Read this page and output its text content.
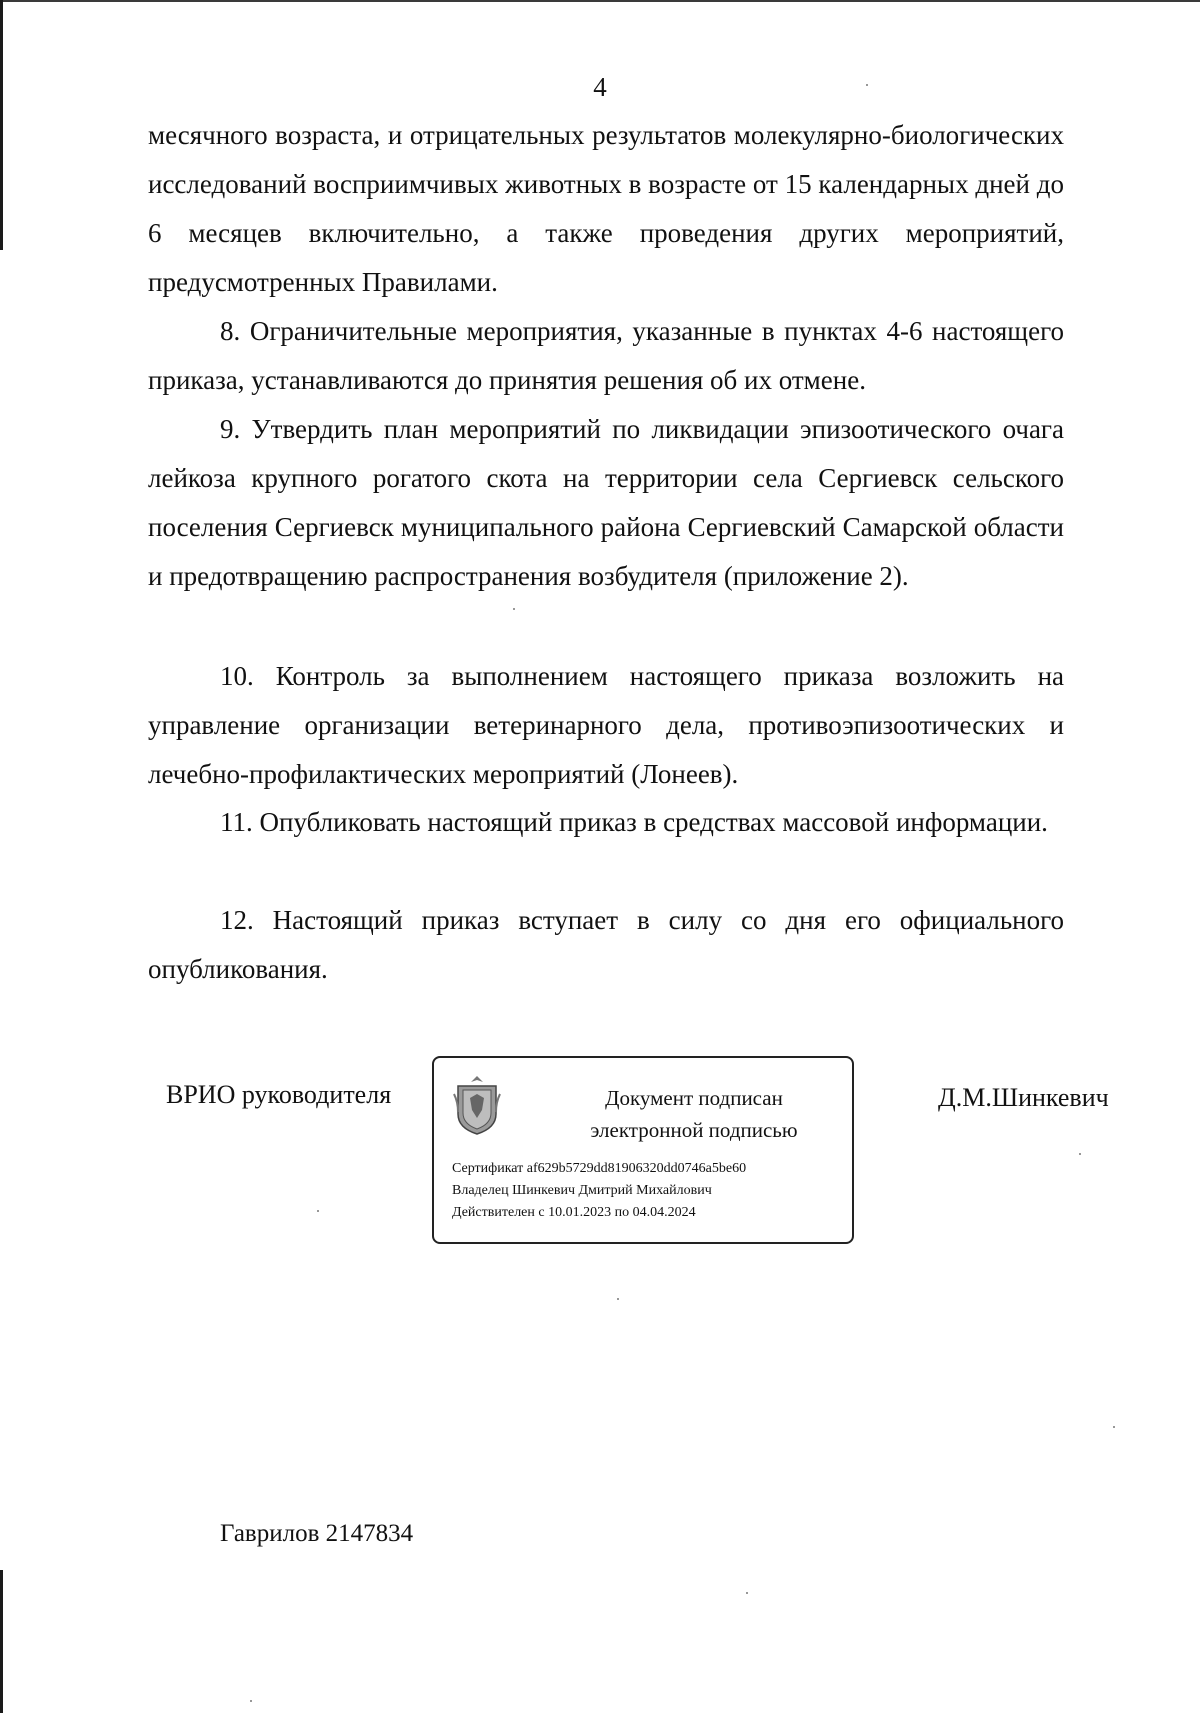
4

месячного возраста, и отрицательных результатов молекулярно-биологических исследований восприимчивых животных в возрасте от 15 календарных дней до 6 месяцев включительно, а также проведения других мероприятий, предусмотренных Правилами.

8. Ограничительные мероприятия, указанные в пунктах 4-6 настоящего приказа, устанавливаются до принятия решения об их отмене.

9. Утвердить план мероприятий по ликвидации эпизоотического очага лейкоза крупного рогатого скота на территории села Сергиевск сельского поселения Сергиевск муниципального района Сергиевский Самарской области и предотвращению распространения возбудителя (приложение 2).

10. Контроль за выполнением настоящего приказа возложить на управление организации ветеринарного дела, противоэпизоотических и лечебно-профилактических мероприятий (Лонеев).

11. Опубликовать настоящий приказ в средствах массовой информации.

12. Настоящий приказ вступает в силу со дня его официального опубликования.

ВРИО руководителя	Документ подписан
электронной подписью
Сертификат af629b5729dd81906320dd0746a5be60
Владелец Шинкевич Дмитрий Михайлович
Действителен с 10.01.2023 по 04.04.2024
Д.М.Шинкевич
Гаврилов 2147834
